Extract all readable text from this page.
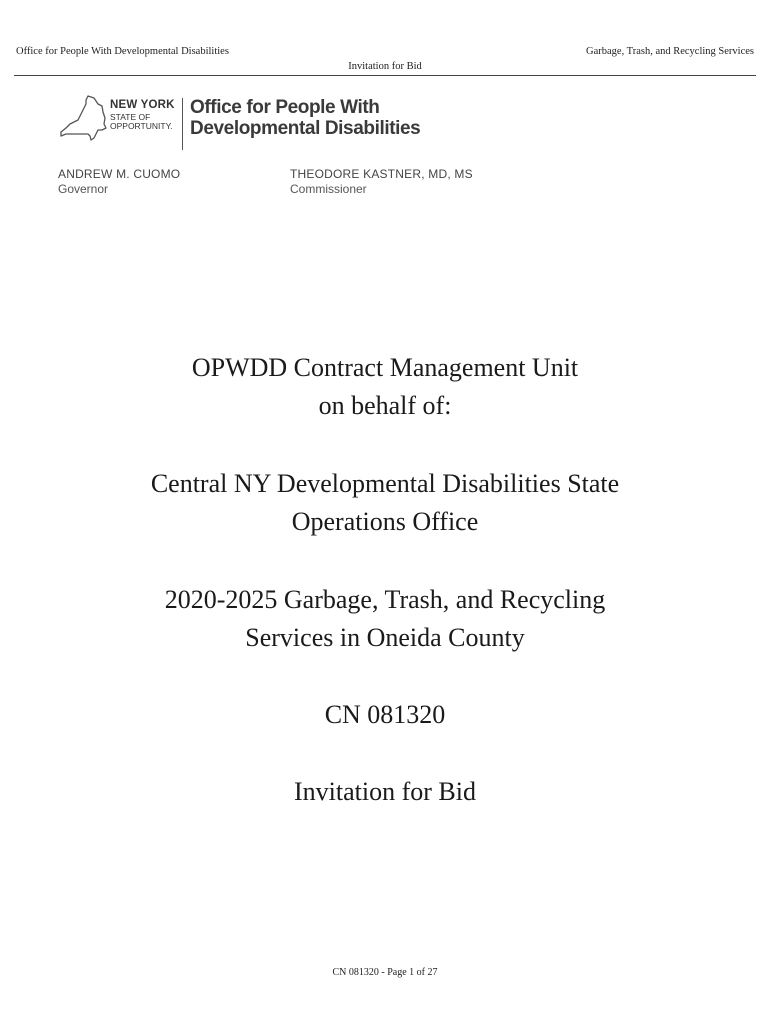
Office for People With Developmental Disabilities	Garbage, Trash, and Recycling Services
Invitation for Bid
NEW YORK
STATE OF
OPPORTUNITY.
Office for People With
Developmental Disabilities
ANDREW M. CUOMO
Governor
THEODORE KASTNER, MD, MS
Commissioner
OPWDD Contract Management Unit
on behalf of:
Central NY Developmental Disabilities State
Operations Office
2020-2025 Garbage, Trash, and Recycling
Services in Oneida County
CN 081320
Invitation for Bid
CN 081320 - Page 1 of 27
